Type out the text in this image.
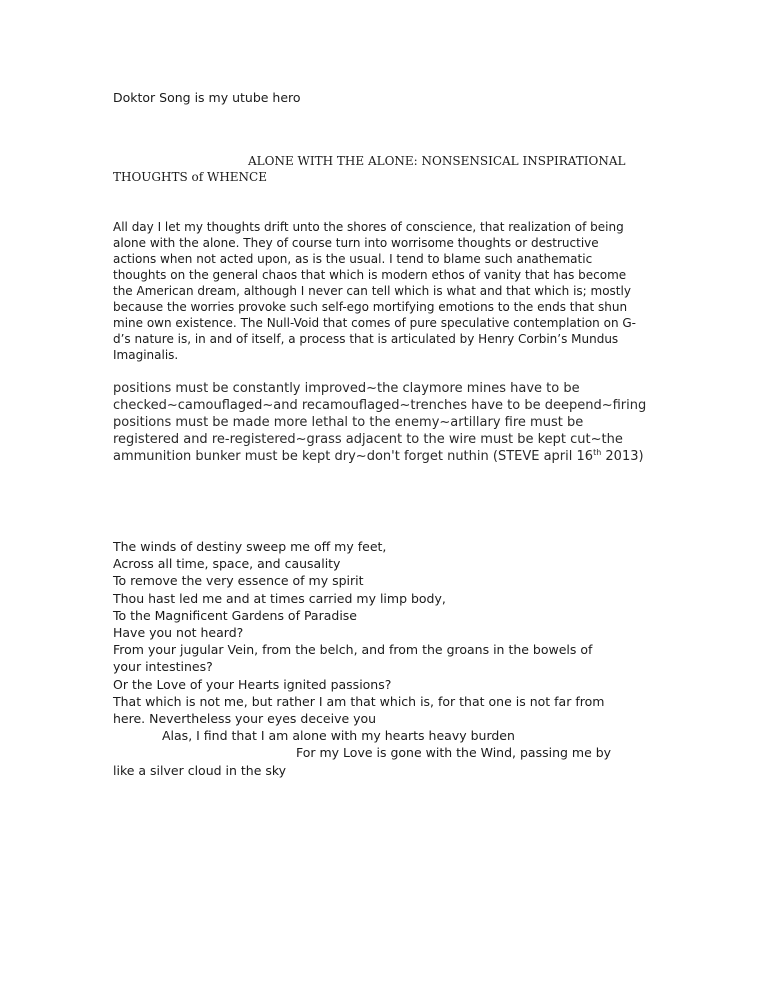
Doktor Song is my utube hero

ALONE WITH THE ALONE: NONSENSICAL INSPIRATIONAL
THOUGHTS of WHENCE

All day I let my thoughts drift unto the shores of conscience, that realization of being alone with the alone. They of course turn into worrisome thoughts or destructive actions when not acted upon, as is the usual. I tend to blame such anathematic thoughts on the general chaos that which is modern ethos of vanity that has become the American dream, although I never can tell which is what and that which is; mostly because the worries provoke such self-ego mortifying emotions to the ends that shun mine own existence. The Null-Void that comes of pure speculative contemplation on G-d’s nature is, in and of itself, a process that is articulated by Henry Corbin’s Mundus Imaginalis.

positions must be constantly improved~the claymore mines have to be checked~camouflaged~and recamouflaged~trenches have to be deepend~firing positions must be made more lethal to the enemy~artillary fire must be registered and re-registered~grass adjacent to the wire must be kept cut~the ammunition bunker must be kept dry~don't forget nuthin (STEVE april 16th 2013)

The winds of destiny sweep me off my feet,
Across all time, space, and causality
To remove the very essence of my spirit
Thou hast led me and at times carried my limp body,
To the Magnificent Gardens of Paradise
Have you not heard?
From your jugular Vein, from the belch, and from the groans in the bowels of
your intestines?
Or the Love of your Hearts ignited passions?
That which is not me, but rather I am that which is, for that one is not far from
here. Nevertheless your eyes deceive you
Alas, I find that I am alone with my hearts heavy burden
For my Love is gone with the Wind, passing me by
like a silver cloud in the sky
